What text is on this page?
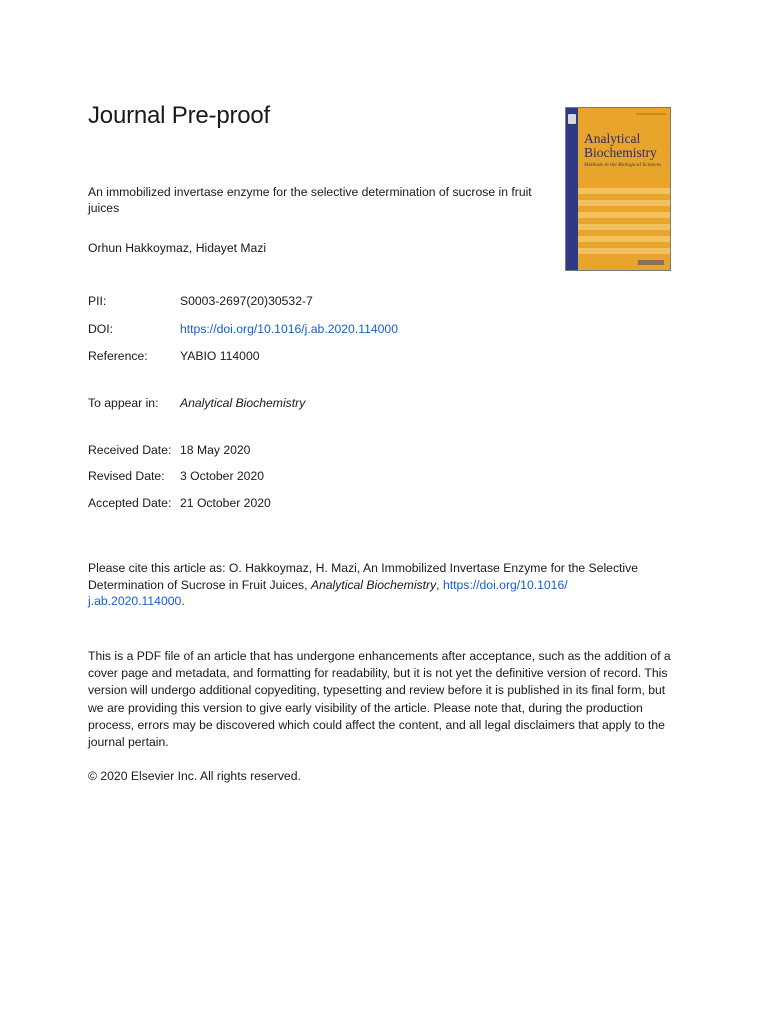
Journal Pre-proof

An immobilized invertase enzyme for the selective determination of sucrose in fruit juices

Orhun Hakkoymaz, Hidayet Mazi

PII:	S0003-2697(20)30532-7
DOI:	https://doi.org/10.1016/j.ab.2020.114000
Reference:	YABIO 114000
To appear in: Analytical Biochemistry
Received Date: 18 May 2020
Revised Date: 3 October 2020
Accepted Date: 21 October 2020

Please cite this article as: O. Hakkoymaz, H. Mazi, An Immobilized Invertase Enzyme for the Selective Determination of Sucrose in Fruit Juices, Analytical Biochemistry, https://doi.org/10.1016/
j.ab.2020.114000.

This is a PDF file of an article that has undergone enhancements after acceptance, such as the addition of a cover page and metadata, and formatting for readability, but it is not yet the definitive version of record. This version will undergo additional copyediting, typesetting and review before it is published in its final form, but we are providing this version to give early visibility of the article. Please note that, during the production process, errors may be discovered which could affect the content, and all legal disclaimers that apply to the journal pertain.

© 2020 Elsevier Inc. All rights reserved.

Analytical Biochemistry

Methods in the Biological Sciences
